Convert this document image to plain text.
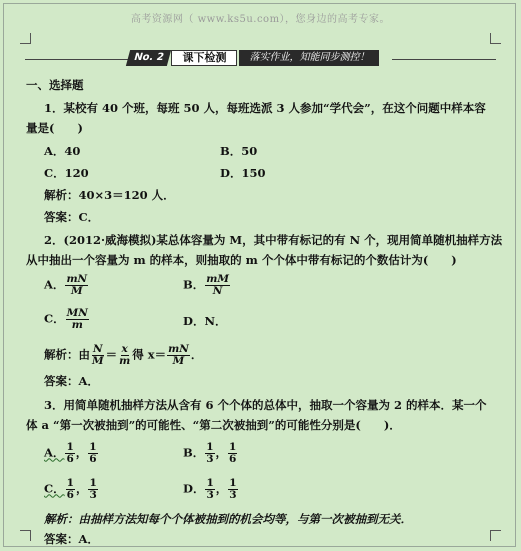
高考资源网（ www.ks5u.com），您身边的高考专家。
No. 2	课下检测	落实作业，知能同步测控！
一、选择题
1．某校有 40 个班，每班 50 人，每班选派 3 人参加“学代会”，在这个问题中样本容
量是(　　)
A．40	B．50
C．120	D．150
解析：40×3＝120 人．
答案：C．
2．(2012·威海模拟)某总体容量为 M，其中带有标记的有 N 个，现用简单随机抽样方法
从中抽出一个容量为 m 的样本，则抽取的 m 个个体中带有标记的个数估计为(　　)
A． $\frac{mN}{M}$	B． $\frac{mM}{N}$
C． $\frac{MN}{m}$	D．N．
解析：由 $\frac{N}{M} = \frac{x}{m}$ 得 $x= \frac{mN}{M}$ ．
答案：A．
3．用简单随机抽样方法从含有 6 个个体的总体中，抽取一个容量为 2 的样本．某一个
体 a “第一次被抽到”的可能性、“第二次被抽到”的可能性分别是(　　)．
A． $\frac{1}{6}$ ， $\frac{1}{6}$	B． $\frac{1}{3}$ ， $\frac{1}{6}$
C． $\frac{1}{6}$ ， $\frac{1}{3}$	D． $\frac{1}{3}$ ， $\frac{1}{3}$
解析：由抽样方法知每个个体被抽到的机会均等，与第一次被抽到无关．
答案：A．
